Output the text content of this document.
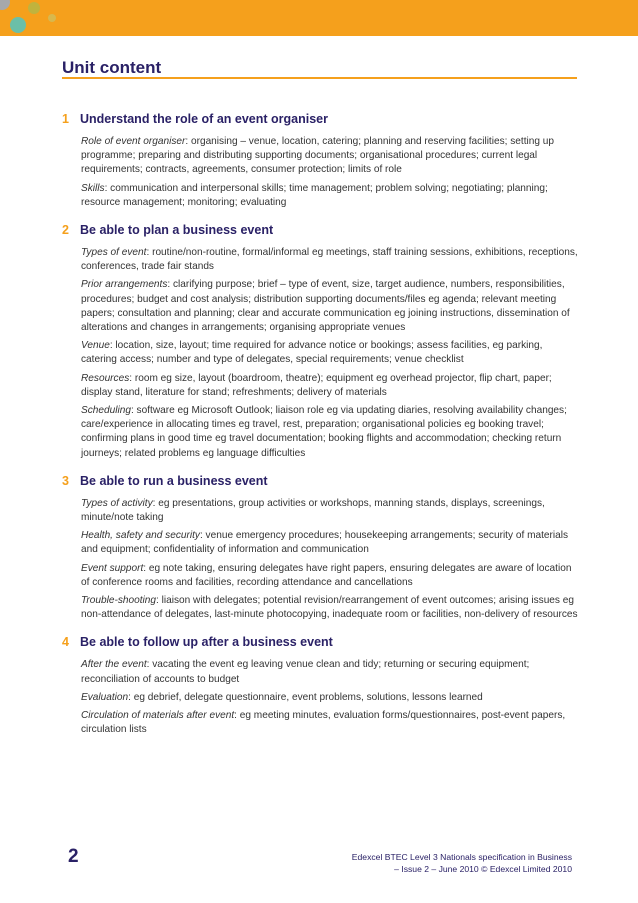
Unit content
1 Understand the role of an event organiser

Role of event organiser: organising – venue, location, catering; planning and reserving facilities; setting up programme; preparing and distributing supporting documents; organisational procedures; current legal requirements; contracts, agreements, consumer protection; limits of role

Skills: communication and interpersonal skills; time management; problem solving; negotiating; planning; resource management; monitoring; evaluating

2 Be able to plan a business event

Types of event: routine/non-routine, formal/informal eg meetings, staff training sessions, exhibitions, receptions, conferences, trade fair stands

Prior arrangements: clarifying purpose; brief – type of event, size, target audience, numbers, responsibilities, procedures; budget and cost analysis; distribution supporting documents/files eg agenda; relevant meeting papers; consultation and planning; clear and accurate communication eg joining instructions, dissemination of alterations and changes in arrangements; organising appropriate venues

Venue: location, size, layout; time required for advance notice or bookings; assess facilities, eg parking, catering access; number and type of delegates, special requirements; venue checklist

Resources: room eg size, layout (boardroom, theatre); equipment eg overhead projector, flip chart, paper; display stand, literature for stand; refreshments; delivery of materials

Scheduling: software eg Microsoft Outlook; liaison role eg via updating diaries, resolving availability changes; care/experience in allocating times eg travel, rest, preparation; organisational policies eg booking travel; confirming plans in good time eg travel documentation; booking flights and accommodation; checking return journeys; related problems eg language difficulties

3 Be able to run a business event

Types of activity: eg presentations, group activities or workshops, manning stands, displays, screenings, minute/note taking

Health, safety and security: venue emergency procedures; housekeeping arrangements; security of materials and equipment; confidentiality of information and communication

Event support: eg note taking, ensuring delegates have right papers, ensuring delegates are aware of location of conference rooms and facilities, recording attendance and cancellations

Trouble-shooting: liaison with delegates; potential revision/rearrangement of event outcomes; arising issues eg non-attendance of delegates, last-minute photocopying, inadequate room or facilities, non-delivery of resources

4 Be able to follow up after a business event

After the event: vacating the event eg leaving venue clean and tidy; returning or securing equipment; reconciliation of accounts to budget

Evaluation: eg debrief, delegate questionnaire, event problems, solutions, lessons learned

Circulation of materials after event: eg meeting minutes, evaluation forms/questionnaires, post-event papers, circulation lists

2	Edexcel BTEC Level 3 Nationals specification in Business
– Issue 2 – June 2010 © Edexcel Limited 2010
